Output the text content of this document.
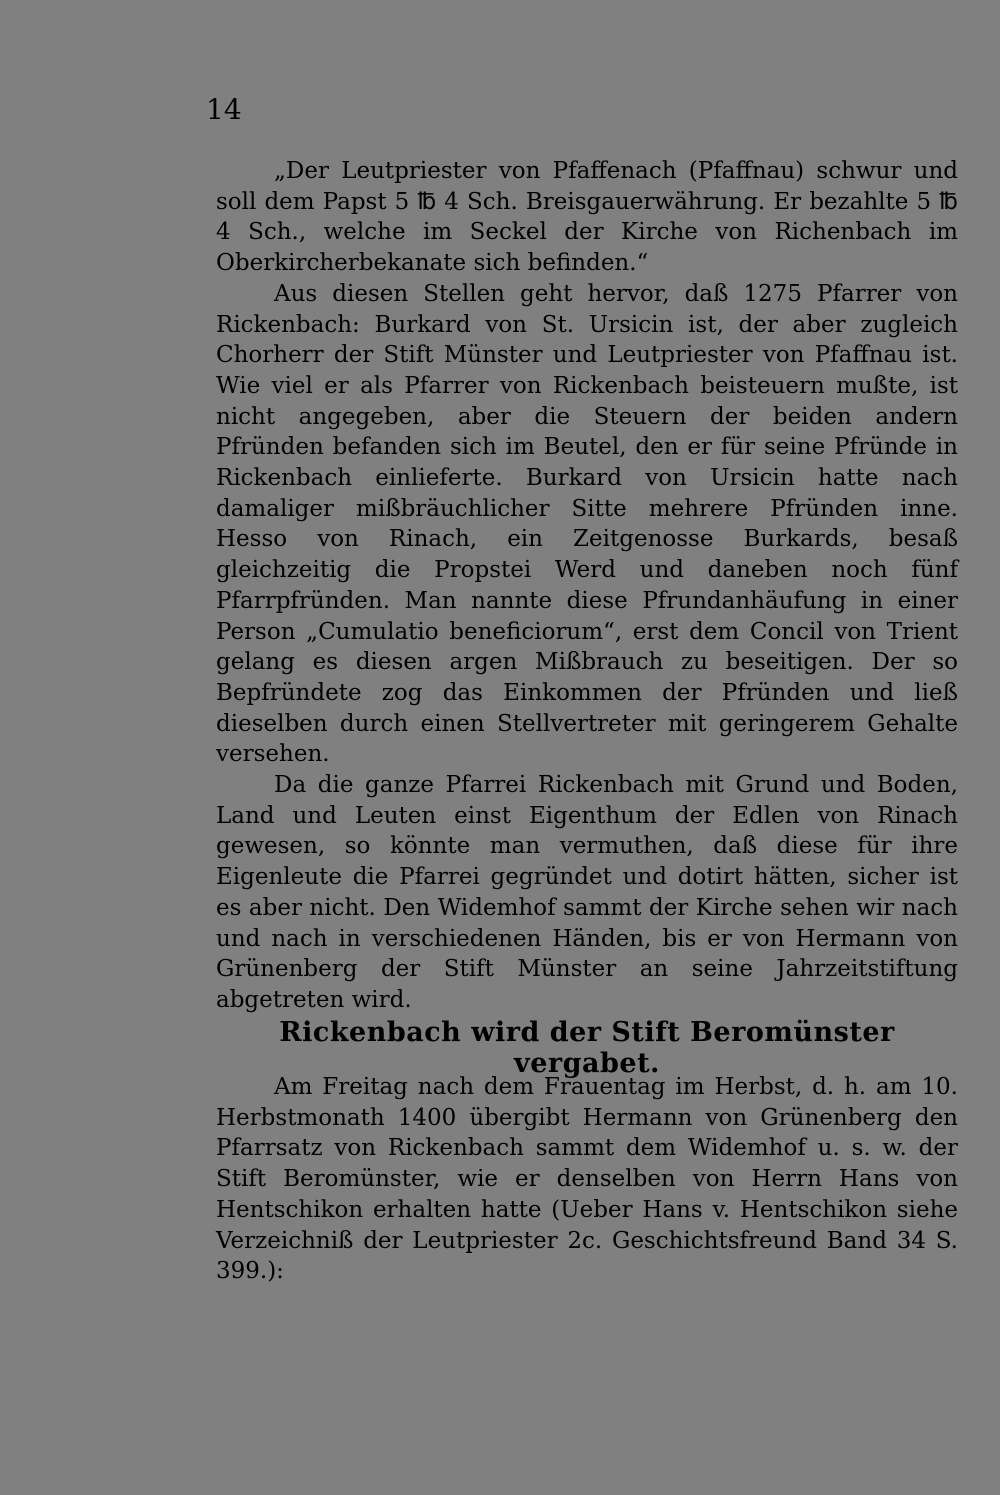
14

„Der Leutpriester von Pfaffenach (Pfaffnau) schwur und soll dem Papst 5 ℔ 4 Sch. Breisgauerwährung. Er bezahlte 5 ℔ 4 Sch., welche im Seckel der Kirche von Richenbach im Oberkircherbekanate sich befinden.“

Aus diesen Stellen geht hervor, daß 1275 Pfarrer von Rickenbach: Burkard von St. Ursicin ist, der aber zugleich Chorherr der Stift Münster und Leutpriester von Pfaffnau ist. Wie viel er als Pfarrer von Rickenbach beisteuern mußte, ist nicht angegeben, aber die Steuern der beiden andern Pfründen befanden sich im Beutel, den er für seine Pfründe in Rickenbach einlieferte. Burkard von Ursicin hatte nach damaliger mißbräuchlicher Sitte mehrere Pfründen inne. Hesso von Rinach, ein Zeitgenosse Burkards, besaß gleichzeitig die Propstei Werd und daneben noch fünf Pfarrpfründen. Man nannte diese Pfrundanhäufung in einer Person „Cumulatio beneficiorum“, erst dem Concil von Trient gelang es diesen argen Mißbrauch zu beseitigen. Der so Bepfründete zog das Einkommen der Pfründen und ließ dieselben durch einen Stellvertreter mit geringerem Gehalte versehen.

Da die ganze Pfarrei Rickenbach mit Grund und Boden, Land und Leuten einst Eigenthum der Edlen von Rinach gewesen, so könnte man vermuthen, daß diese für ihre Eigenleute die Pfarrei gegründet und dotirt hätten, sicher ist es aber nicht. Den Widemhof sammt der Kirche sehen wir nach und nach in verschiedenen Händen, bis er von Hermann von Grünenberg der Stift Münster an seine Jahrzeitstiftung abgetreten wird.

Rickenbach wird der Stift Beromünster vergabet.

Am Freitag nach dem Frauentag im Herbst, d. h. am 10. Herbstmonath 1400 übergibt Hermann von Grünenberg den Pfarrsatz von Rickenbach sammt dem Widemhof u. s. w. der Stift Beromünster, wie er denselben von Herrn Hans von Hentschikon erhalten hatte (Ueber Hans v. Hentschikon siehe Verzeichniß der Leutpriester 2c. Geschichtsfreund Band 34 S. 399.):
